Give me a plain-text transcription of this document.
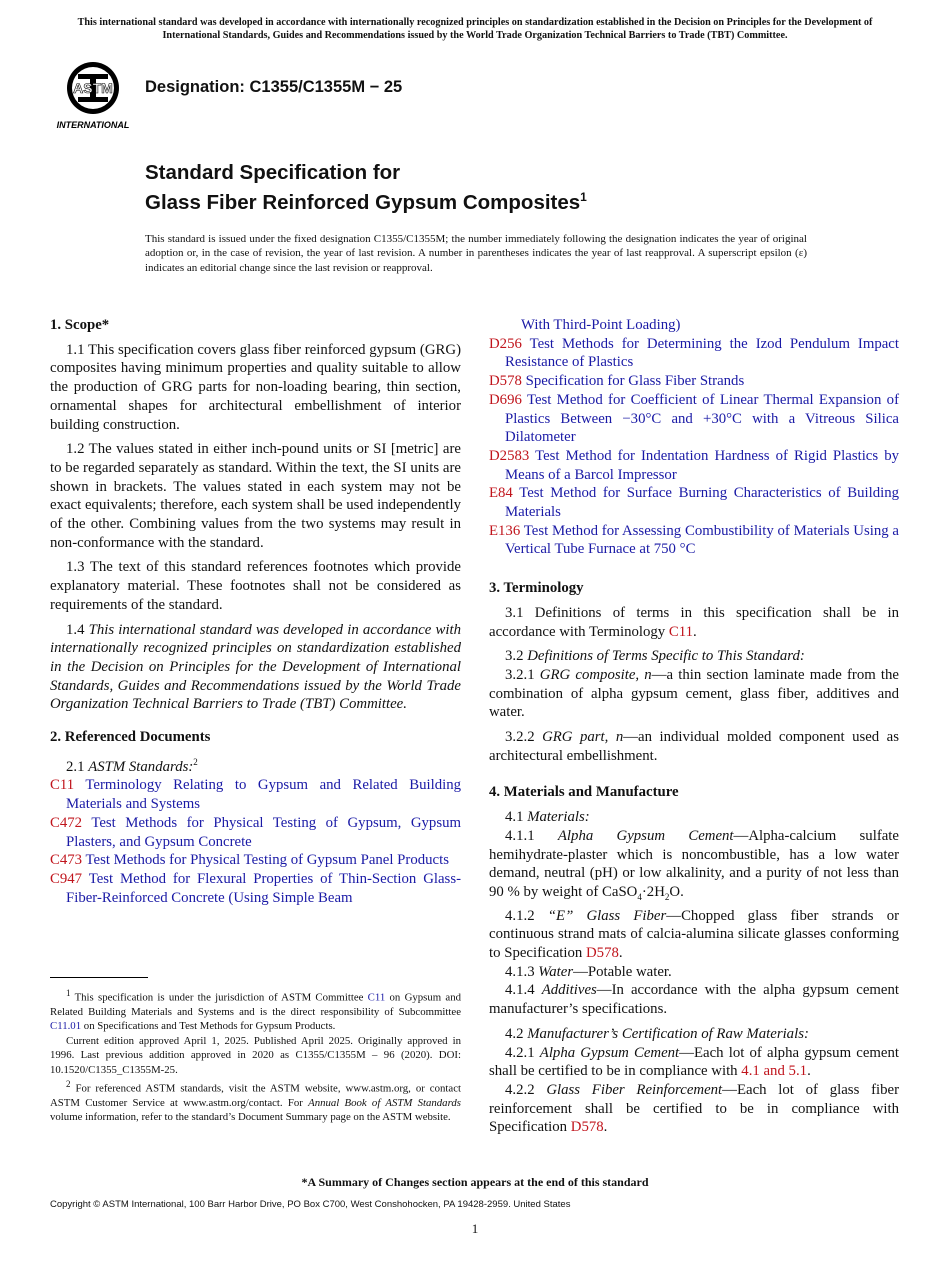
This international standard was developed in accordance with internationally recognized principles on standardization established in the Decision on Principles for the Development of International Standards, Guides and Recommendations issued by the World Trade Organization Technical Barriers to Trade (TBT) Committee.
ASTM
INTERNATIONAL
Designation: C1355/C1355M − 25
Standard Specification for
Glass Fiber Reinforced Gypsum Composites$^1$
This standard is issued under the fixed designation C1355/C1355M; the number immediately following the designation indicates the year of original adoption or, in the case of revision, the year of last revision. A number in parentheses indicates the year of last reapproval. A superscript epsilon (ε) indicates an editorial change since the last revision or reapproval.
1. Scope*

1.1 This specification covers glass fiber reinforced gypsum (GRG) composites having minimum properties and quality suitable to allow the production of GRG parts for non-loading bearing, thin section, ornamental shapes for architectural embellishment of interior building construction.

1.2 The values stated in either inch-pound units or SI [metric] are to be regarded separately as standard. Within the text, the SI units are shown in brackets. The values stated in each system may not be exact equivalents; therefore, each system shall be used independently of the other. Combining values from the two systems may result in non-conformance with the standard.

1.3 The text of this standard references footnotes which provide explanatory material. These footnotes shall not be considered as requirements of the standard.

1.4 This international standard was developed in accordance with internationally recognized principles on standardization established in the Decision on Principles for the Development of International Standards, Guides and Recommendations issued by the World Trade Organization Technical Barriers to Trade (TBT) Committee.

2. Referenced Documents

2.1 ASTM Standards:$^2$

C11 Terminology Relating to Gypsum and Related Building Materials and Systems

C472 Test Methods for Physical Testing of Gypsum, Gypsum Plasters, and Gypsum Concrete

C473 Test Methods for Physical Testing of Gypsum Panel Products

C947 Test Method for Flexural Properties of Thin-Section Glass-Fiber-Reinforced Concrete (Using Simple Beam

With Third-Point Loading)

D256 Test Methods for Determining the Izod Pendulum Impact Resistance of Plastics

D578 Specification for Glass Fiber Strands

D696 Test Method for Coefficient of Linear Thermal Expansion of Plastics Between −30°C and +30°C with a Vitreous Silica Dilatometer

D2583 Test Method for Indentation Hardness of Rigid Plastics by Means of a Barcol Impressor

E84 Test Method for Surface Burning Characteristics of Building Materials

E136 Test Method for Assessing Combustibility of Materials Using a Vertical Tube Furnace at 750 °C

3. Terminology

3.1 Definitions of terms in this specification shall be in accordance with Terminology C11.

3.2 Definitions of Terms Specific to This Standard:

3.2.1 GRG composite, n—a thin section laminate made from the combination of alpha gypsum cement, glass fiber, additives and water.

3.2.2 GRG part, n—an individual molded component used as architectural embellishment.

4. Materials and Manufacture

4.1 Materials:

4.1.1 Alpha Gypsum Cement—Alpha-calcium sulfate hemihydrate-plaster which is noncombustible, has a low water demand, neutral (pH) or low alkalinity, and a purity of not less than 90 % by weight of $CaSO_4\cdot 2H_2O$.

4.1.2 “E” Glass Fiber—Chopped glass fiber strands or continuous strand mats of calcia-alumina silicate glasses conforming to Specification D578.

4.1.3 Water—Potable water.

4.1.4 Additives—In accordance with the alpha gypsum cement manufacturer’s specifications.

4.2 Manufacturer’s Certification of Raw Materials:

4.2.1 Alpha Gypsum Cement—Each lot of alpha gypsum cement shall be certified to be in compliance with 4.1 and 5.1.

4.2.2 Glass Fiber Reinforcement—Each lot of glass fiber reinforcement shall be certified to be in compliance with Specification D578.

$^1$ This specification is under the jurisdiction of ASTM Committee C11 on Gypsum and Related Building Materials and Systems and is the direct responsibility of Subcommittee C11.01 on Specifications and Test Methods for Gypsum Products.

Current edition approved April 1, 2025. Published April 2025. Originally approved in 1996. Last previous addition approved in 2020 as C1355/C1355M – 96 (2020). DOI: 10.1520/C1355_C1355M-25.

$^2$ For referenced ASTM standards, visit the ASTM website, www.astm.org, or contact ASTM Customer Service at www.astm.org/contact. For Annual Book of ASTM Standards volume information, refer to the standard’s Document Summary page on the ASTM website.

*A Summary of Changes section appears at the end of this standard
Copyright © ASTM International, 100 Barr Harbor Drive, PO Box C700, West Conshohocken, PA 19428-2959. United States
1
